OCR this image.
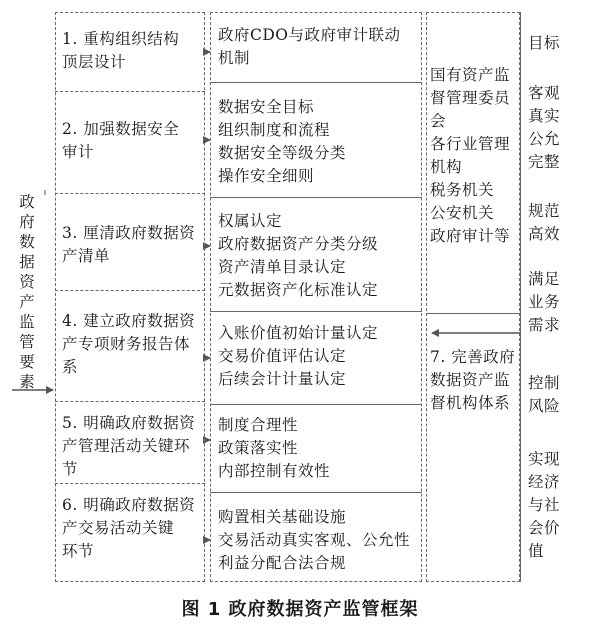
政
府
数
据
资
产
监
管
要
素
1. 重构组织结构
顶层设计
2. 加强数据安全
审计
3. 厘清政府数据资
产清单
4. 建立政府数据资
产专项财务报告体
系
5. 明确政府数据资
产管理活动关键环
节
6. 明确政府数据资
产交易活动关键
环节
政府CDO与政府审计联动
机制
数据安全目标
组织制度和流程
数据安全等级分类
操作安全细则
权属认定
政府数据资产分类分级
资产清单目录认定
元数据资产化标准认定
入账价值初始计量认定
交易价值评估认定
后续会计计量认定
制度合理性
政策落实性
内部控制有效性
购置相关基础设施
交易活动真实客观、公允性
利益分配合法合规
国有资产监
督管理委员
会
各行业管理
机构
税务机关
公安机关
政府审计等
7. 完善政府
数据资产监
督机构体系
目标
客观
真实
公允
完整
规范
高效
满足
业务
需求
控制
风险
实现
经济
与社
会价
值
图 1 政府数据资产监管框架
